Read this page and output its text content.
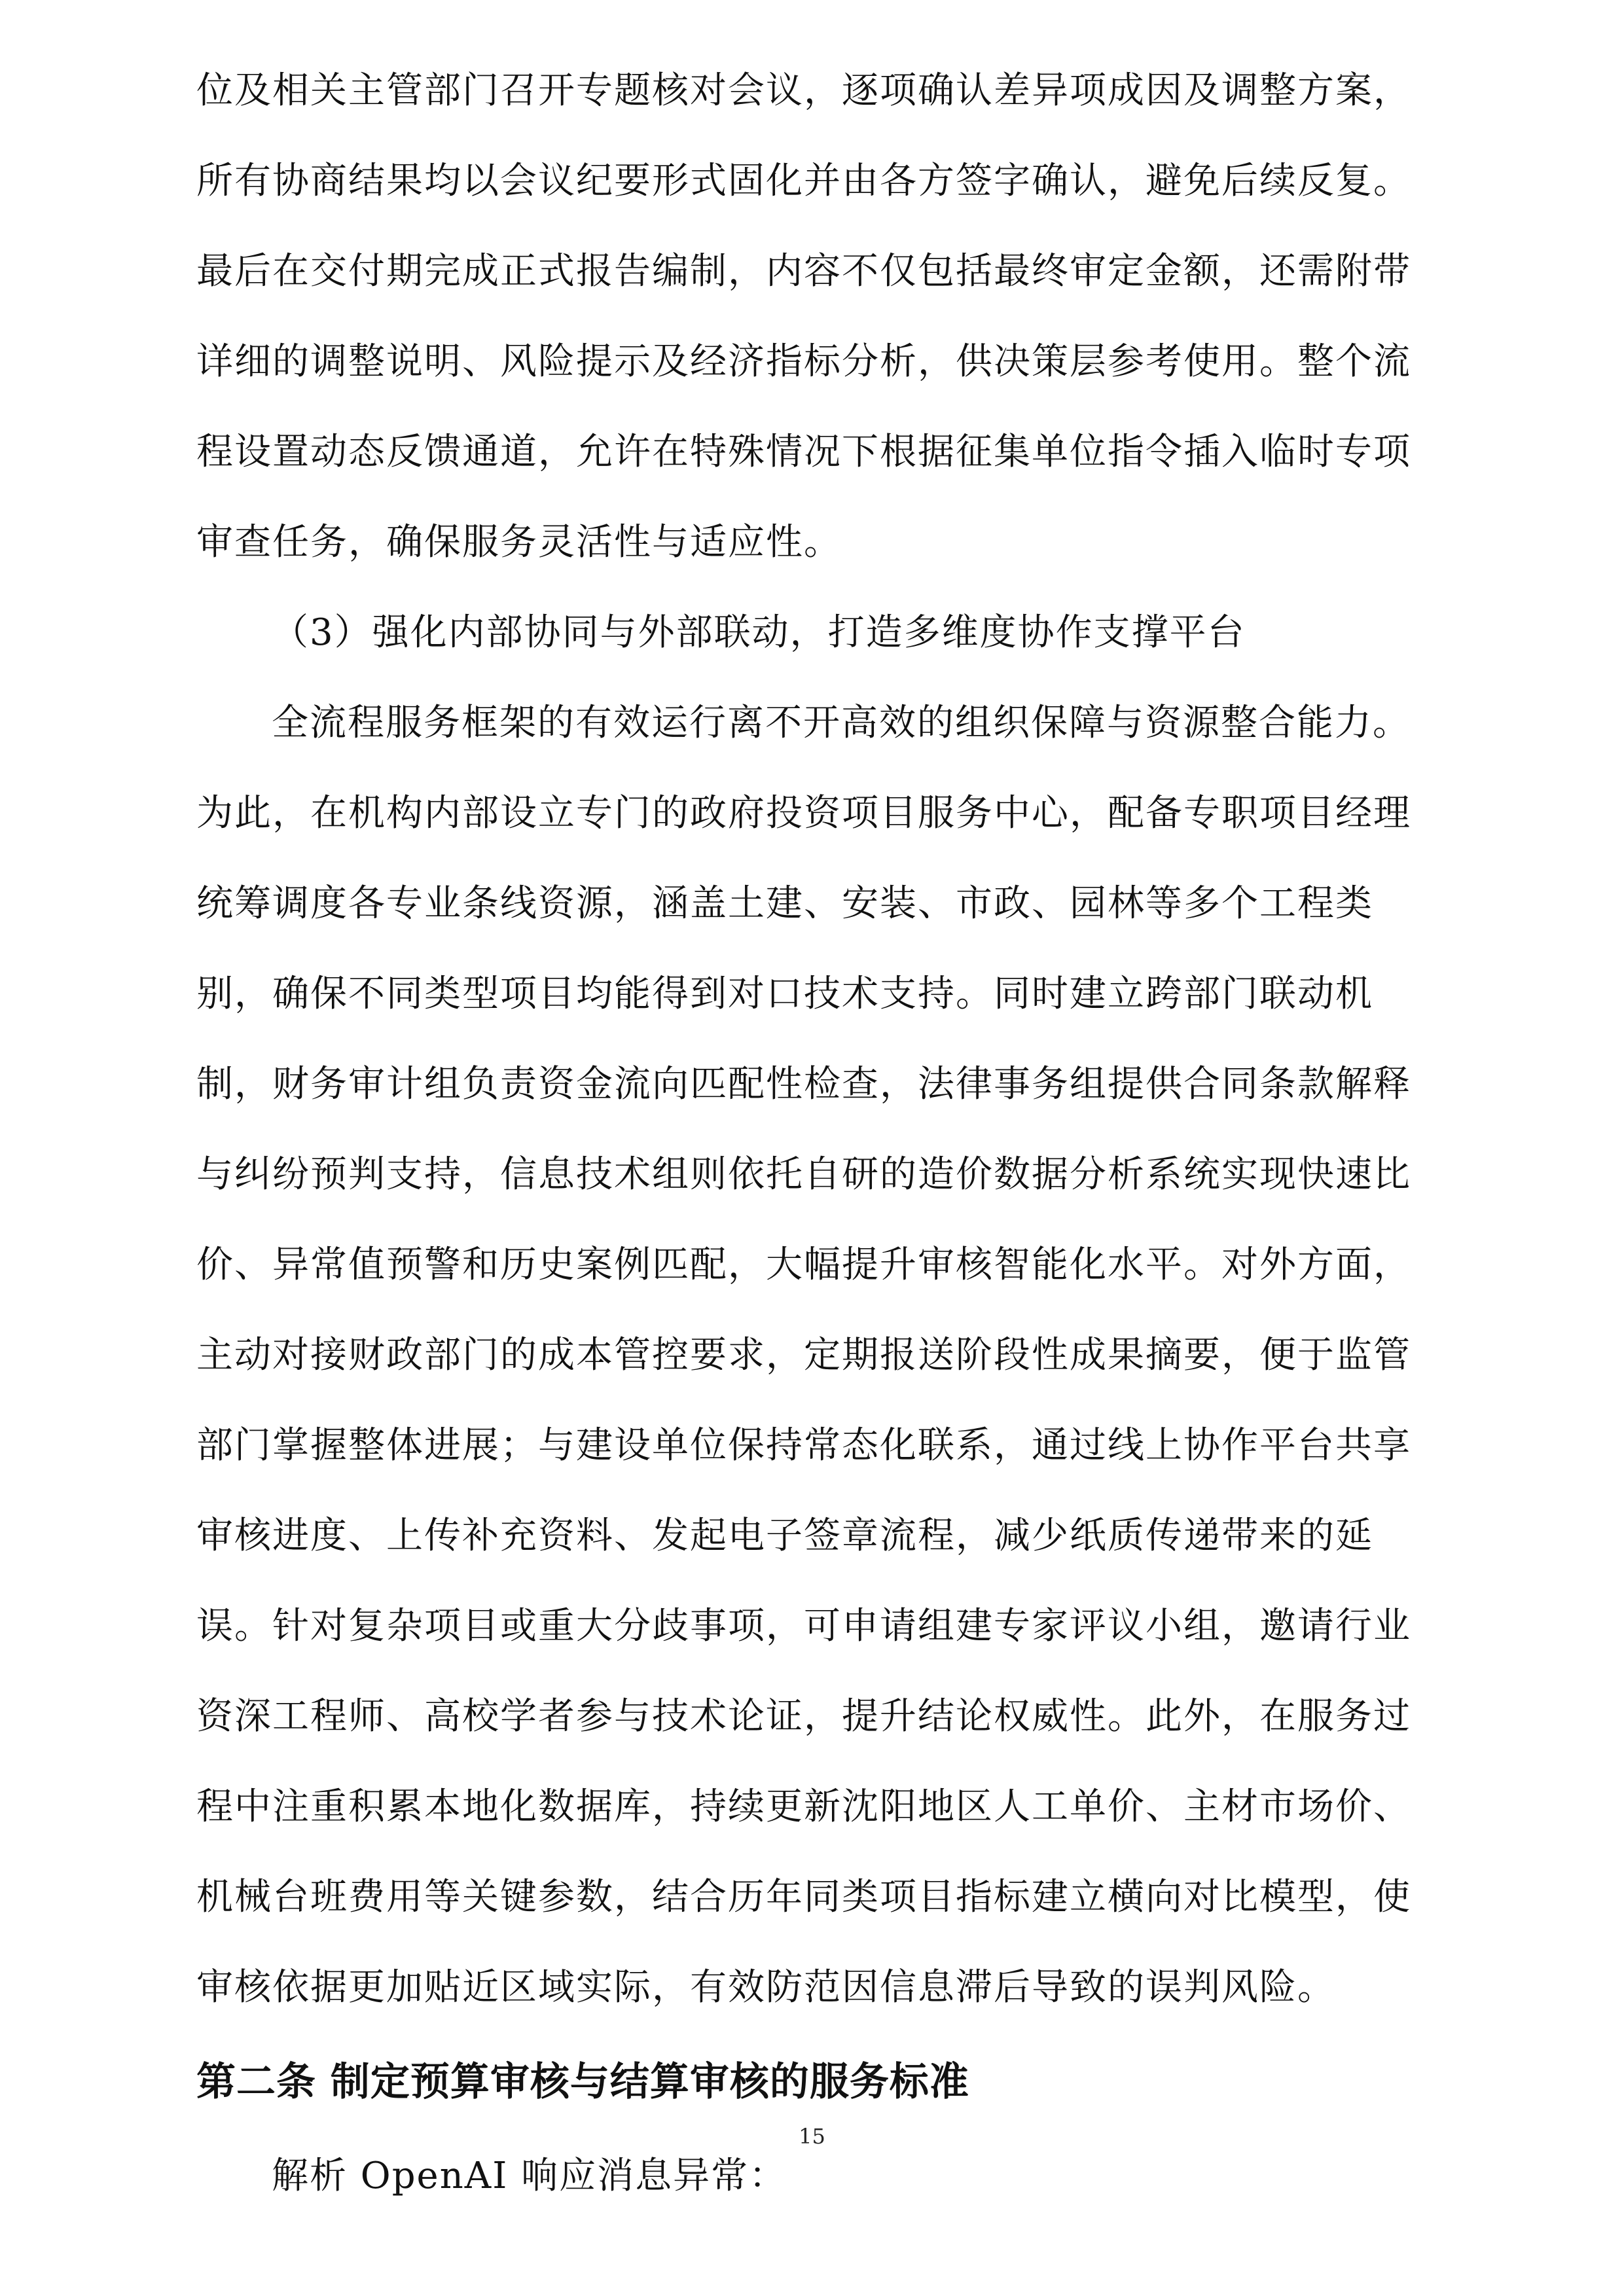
位及相关主管部门召开专题核对会议，逐项确认差异项成因及调整方案，
所有协商结果均以会议纪要形式固化并由各方签字确认，避免后续反复。
最后在交付期完成正式报告编制，内容不仅包括最终审定金额，还需附带
详细的调整说明、风险提示及经济指标分析，供决策层参考使用。整个流
程设置动态反馈通道，允许在特殊情况下根据征集单位指令插入临时专项
审查任务，确保服务灵活性与适应性。
（3）强化内部协同与外部联动，打造多维度协作支撑平台
全流程服务框架的有效运行离不开高效的组织保障与资源整合能力。
为此，在机构内部设立专门的政府投资项目服务中心，配备专职项目经理
统筹调度各专业条线资源，涵盖土建、安装、市政、园林等多个工程类
别，确保不同类型项目均能得到对口技术支持。同时建立跨部门联动机
制，财务审计组负责资金流向匹配性检查，法律事务组提供合同条款解释
与纠纷预判支持，信息技术组则依托自研的造价数据分析系统实现快速比
价、异常值预警和历史案例匹配，大幅提升审核智能化水平。对外方面，
主动对接财政部门的成本管控要求，定期报送阶段性成果摘要，便于监管
部门掌握整体进展；与建设单位保持常态化联系，通过线上协作平台共享
审核进度、上传补充资料、发起电子签章流程，减少纸质传递带来的延
误。针对复杂项目或重大分歧事项，可申请组建专家评议小组，邀请行业
资深工程师、高校学者参与技术论证，提升结论权威性。此外，在服务过
程中注重积累本地化数据库，持续更新沈阳地区人工单价、主材市场价、
机械台班费用等关键参数，结合历年同类项目指标建立横向对比模型，使
审核依据更加贴近区域实际，有效防范因信息滞后导致的误判风险。
第二条 制定预算审核与结算审核的服务标准
解析 OpenAI 响应消息异常：
15
